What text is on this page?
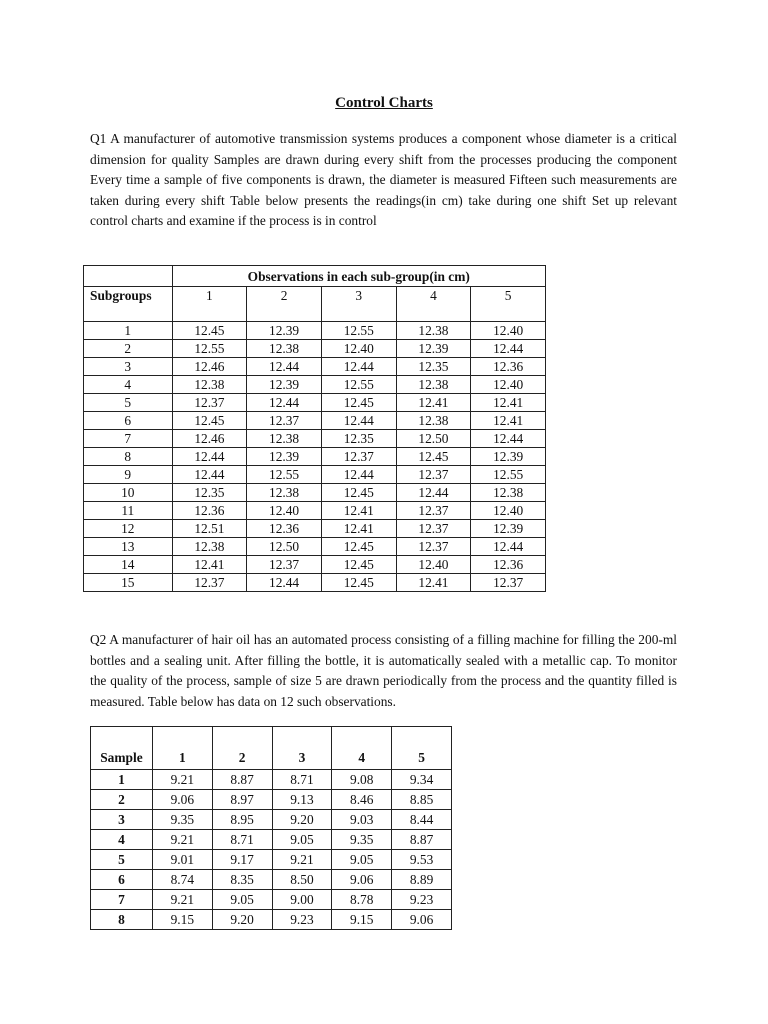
Control Charts
Q1 A manufacturer of automotive transmission systems produces a component whose diameter is a critical dimension for quality Samples are drawn during every shift from the processes producing the component Every time a sample of five components is drawn, the diameter is measured Fifteen such measurements are taken during every shift Table below presents the readings(in cm) take during one shift Set up relevant control charts and examine if the process is in control
	Observations in each sub-group(in cm)				
Subgroups	1	2	3	4	5
1	12.45	12.39	12.55	12.38	12.40
2	12.55	12.38	12.40	12.39	12.44
3	12.46	12.44	12.44	12.35	12.36
4	12.38	12.39	12.55	12.38	12.40
5	12.37	12.44	12.45	12.41	12.41
6	12.45	12.37	12.44	12.38	12.41
7	12.46	12.38	12.35	12.50	12.44
8	12.44	12.39	12.37	12.45	12.39
9	12.44	12.55	12.44	12.37	12.55
10	12.35	12.38	12.45	12.44	12.38
11	12.36	12.40	12.41	12.37	12.40
12	12.51	12.36	12.41	12.37	12.39
13	12.38	12.50	12.45	12.37	12.44
14	12.41	12.37	12.45	12.40	12.36
15	12.37	12.44	12.45	12.41	12.37
Q2 A manufacturer of hair oil has an automated process consisting of a filling machine for filling the 200-ml bottles and a sealing unit. After filling the bottle, it is automatically sealed with a metallic cap. To monitor the quality of the process, sample of size 5 are drawn periodically from the process and the quantity filled is measured. Table below has data on 12 such observations.
Sample	1	2	3	4	5
1	9.21	8.87	8.71	9.08	9.34
2	9.06	8.97	9.13	8.46	8.85
3	9.35	8.95	9.20	9.03	8.44
4	9.21	8.71	9.05	9.35	8.87
5	9.01	9.17	9.21	9.05	9.53
6	8.74	8.35	8.50	9.06	8.89
7	9.21	9.05	9.00	8.78	9.23
8	9.15	9.20	9.23	9.15	9.06
